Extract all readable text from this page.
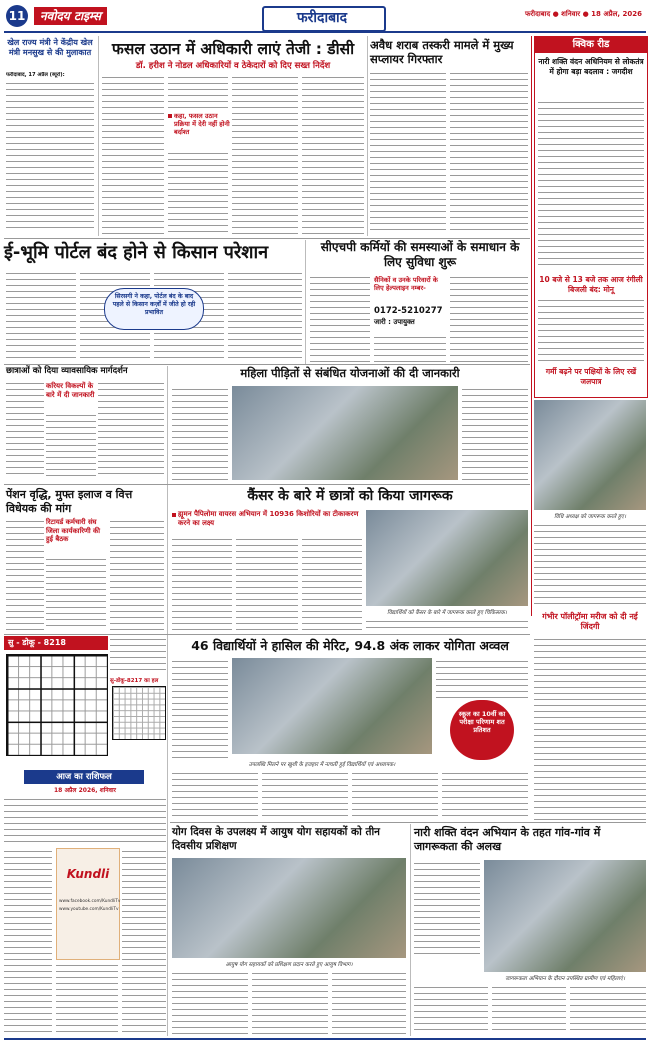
11	नवोदय टाइम्स	फरीदाबाद	फरीदाबाद ● शनिवार ● 18 अप्रैल, 2026
खेल राज्य मंत्री ने केंद्रीय खेल मंत्री मनसुख से की मुलाकात
फरीदाबाद, 17 अप्रैल (ब्यूरो):
फसल उठान में अधिकारी लाएं तेजी : डीसी
डॉ. हरीश ने नोडल अधिकारियों व ठेकेदारों को दिए सख्त निर्देश
कहा, फसल उठान प्रक्रिया में देरी नहीं होनी बर्दाश्त
अवैध शराब तस्करी मामले में मुख्य सप्लायर गिरफ्तार
क्विक रीड
नारी शक्ति वंदन अधिनियम से लोकतंत्र में होगा बड़ा बदलाव : जगदीश
10 बजे से 13 बजे तक आज रंगीली बिजली बंद: मोनू
गर्मी बढ़ने पर पक्षियों के लिए रखें जलपात्र
ई-भूमि पोर्टल बंद होने से किसान परेशान
सिरसगी ने कहा, पोर्टल बंद के बाद पहले से किसान कर्ज़ों में जीते हो रही प्रभावित
सीएचपी कर्मियों की समस्याओं के समाधान के लिए सुविधा शुरू
सैनिकों व उनके परिवारों के लिए हेल्पलाइन नम्बर-
0172-5210277
जारी : उपायुक्त
छात्राओं को दिया व्यावसायिक मार्गदर्शन
करियर विकल्पों के बारे में दी जानकारी
महिला पीड़ितों से संबंधित योजनाओं की दी जानकारी
पेंशन वृद्धि, मुफ्त इलाज व वित्त विधेयक की मांग
रिटायर्ड कर्मचारी संघ जिला कार्यकारिणी की हुई बैठक
कैंसर के बारे में छात्रों को किया जागरूक
ह्यूमन पैपिलोमा वायरस अभियान में 10936 किशोरियों का टीकाकरण करने का लक्ष्य
विद्यार्थियों को कैंसर के बारे में जागरूक करते हुए चिकित्सक।
सु - डोकू - 8218
सु-डोकू-8217 का हल
आज का राशिफल
18 अप्रैल 2026, शनिवार
Kundli
www.facebook.com/KundliTv
www.youtube.com/KundliTv
46 विद्यार्थियों ने हासिल की मेरिट, 94.8 अंक लाकर योगिता अव्वल
स्कूल का 10वीं का परीक्षा परिणाम शत प्रतिशत
उपलब्धि मिलने पर खुशी के इजहार में नाचती हुई विद्यार्थियों एवं अध्यापक।
विधि अध्यक्ष को जागरूक करते हुए।
गंभीर पॉलीट्रॉमा मरीज को दी नई जिंदगी
योग दिवस के उपलक्ष्य में आयुष योग सहायकों को तीन दिवसीय प्रशिक्षण
आयुष योग सहायकों को प्रशिक्षण प्रदान करते हुए आयुष विभाग।
नारी शक्ति वंदन अभियान के तहत गांव-गांव में जागरूकता की अलख
जागरूकता अभियान के दौरान उपस्थित ग्रामीण एवं महिलाएं।
